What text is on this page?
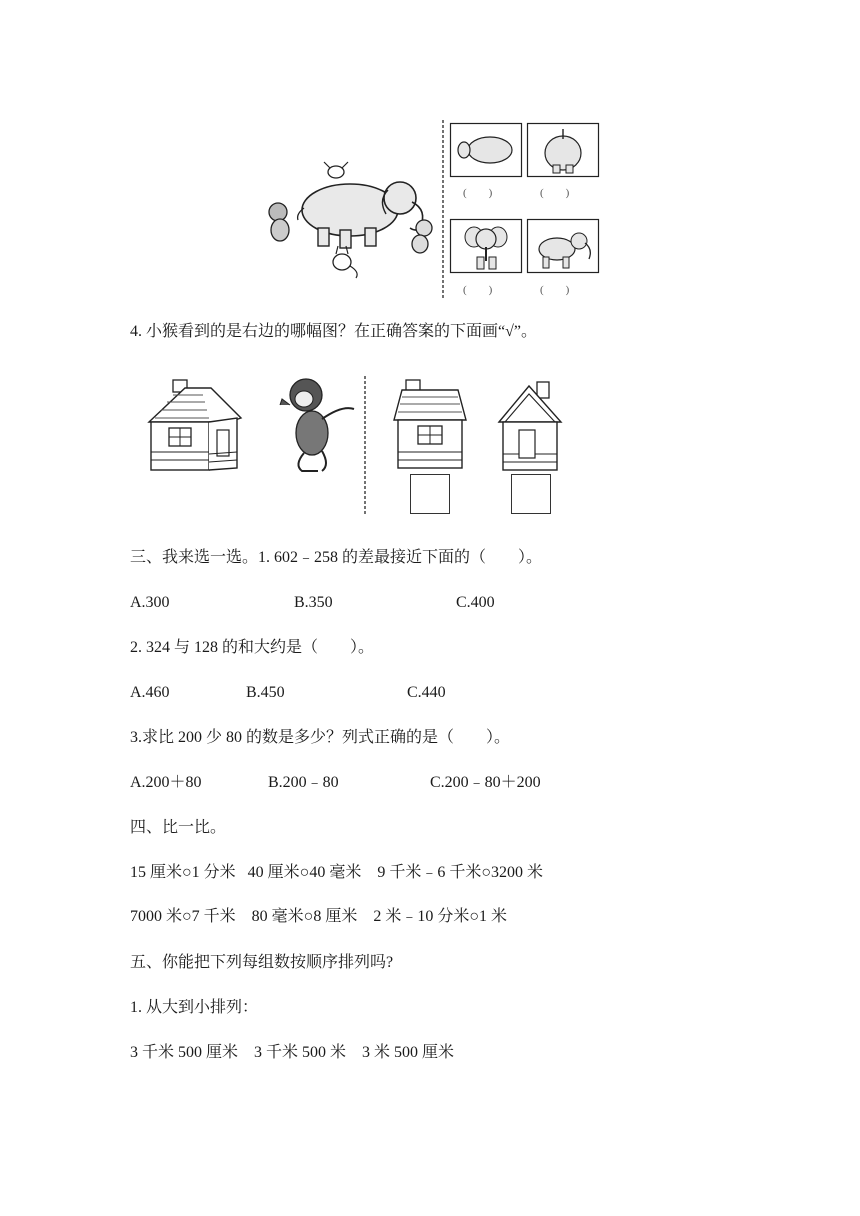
(        )	(        )
(        )	(        )
4. 小猴看到的是右边的哪幅图？在正确答案的下面画“√”。
三、我来选一选。1. 602﹣258 的差最接近下面的（        ）。
A.300	B.350	C.400
2. 324 与 128 的和大约是（        ）。
A.460	B.450	C.440
3.求比 200 少 80 的数是多少？列式正确的是（        ）。
A.200＋80	B.200﹣80	C.200﹣80＋200
四、比一比。
15 厘米○1 分米   40 厘米○40 毫米    9 千米﹣6 千米○3200 米
7000 米○7 千米    80 毫米○8 厘米    2 米﹣10 分米○1 米
五、你能把下列每组数按顺序排列吗?
1. 从大到小排列：
3 千米 500 厘米    3 千米 500 米    3 米 500 厘米
